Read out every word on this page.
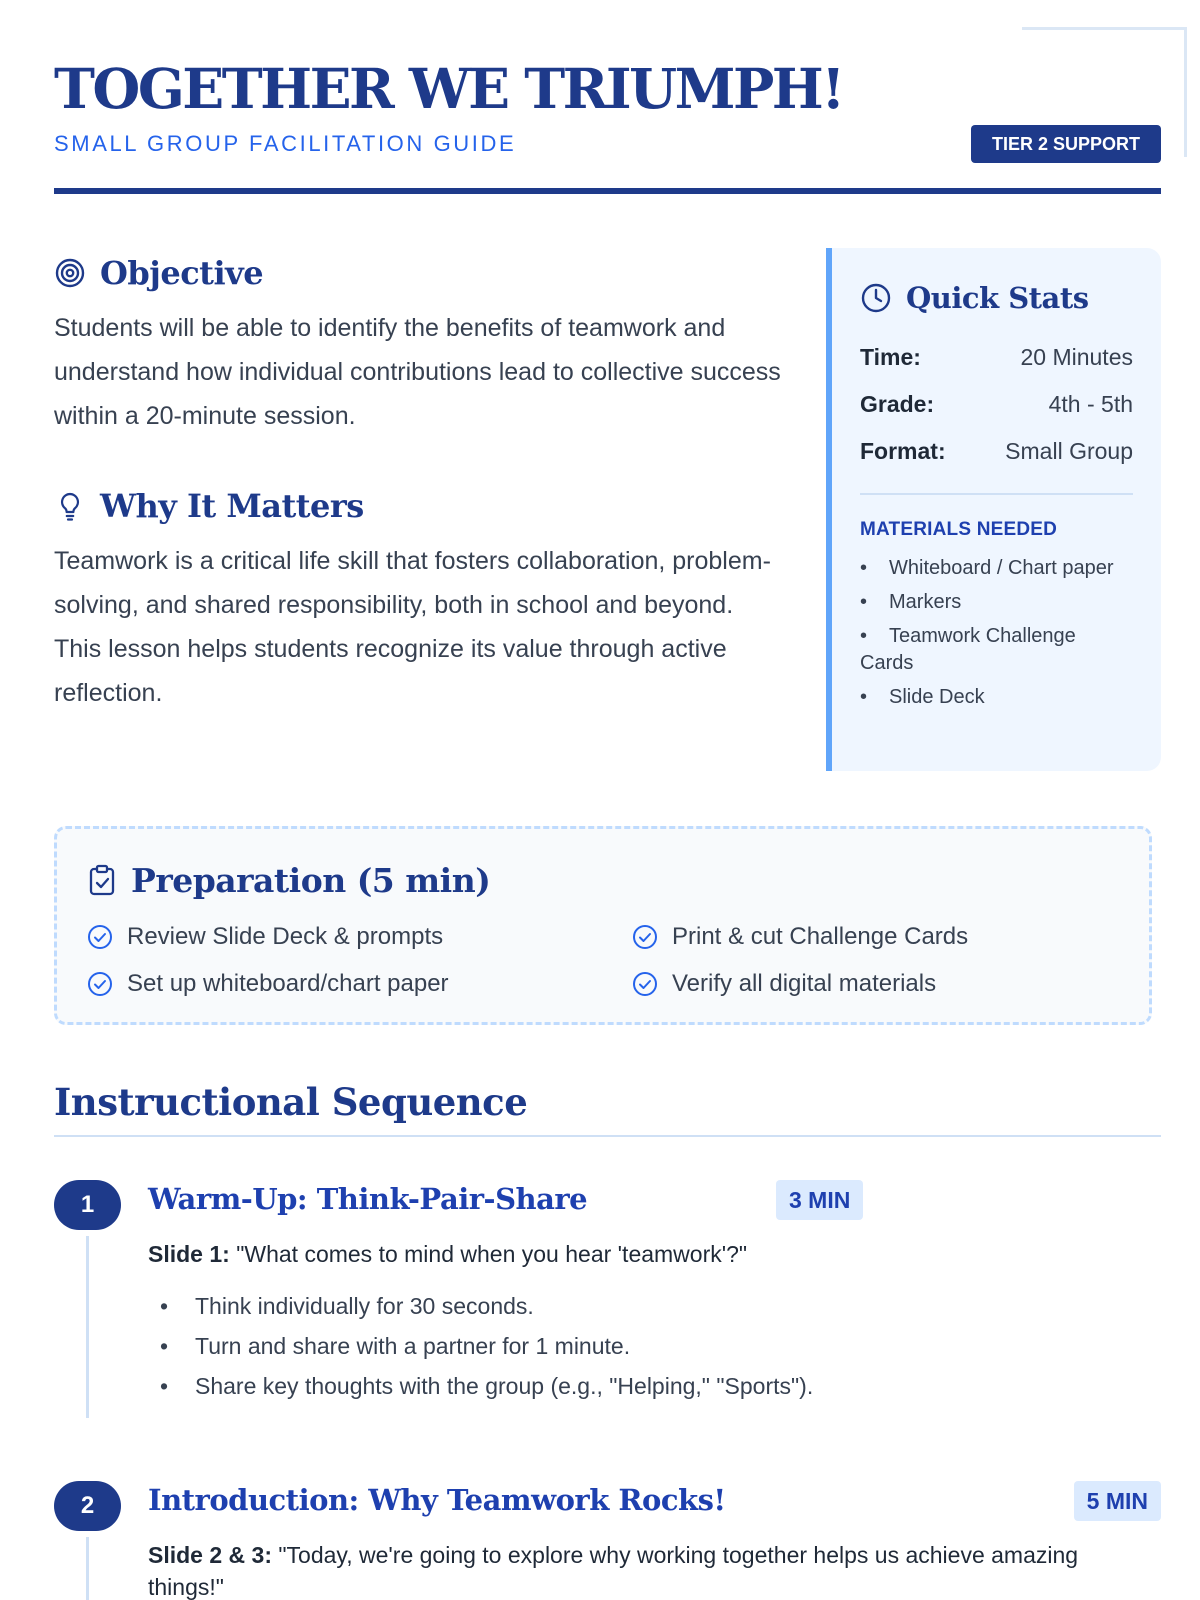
TOGETHER WE TRIUMPH!
SMALL GROUP FACILITATION GUIDE	TIER 2 SUPPORT
Objective

Students will be able to identify the benefits of teamwork and understand how individual contributions lead to collective success within a 20-minute session.

Why It Matters

Teamwork is a critical life skill that fosters collaboration, problem-solving, and shared responsibility, both in school and beyond. This lesson helps students recognize its value through active reflection.

Quick Stats
Time:	20 Minutes
Grade:	4th - 5th
Format:	Small Group
MATERIALS NEEDED
• Whiteboard / Chart paper
• Markers
• Teamwork Challenge Cards
• Slide Deck
Preparation (5 min)
Review Slide Deck & prompts	Print & cut Challenge Cards
Set up whiteboard/chart paper	Verify all digital materials
Instructional Sequence
1	Warm-Up: Think-Pair-Share	3 MIN
Slide 1: "What comes to mind when you hear 'teamwork'?"
• Think individually for 30 seconds.
• Turn and share with a partner for 1 minute.
• Share key thoughts with the group (e.g., "Helping," "Sports").
2	Introduction: Why Teamwork Rocks!	5 MIN
Slide 2 & 3: "Today, we're going to explore why working together helps us achieve amazing things!"
